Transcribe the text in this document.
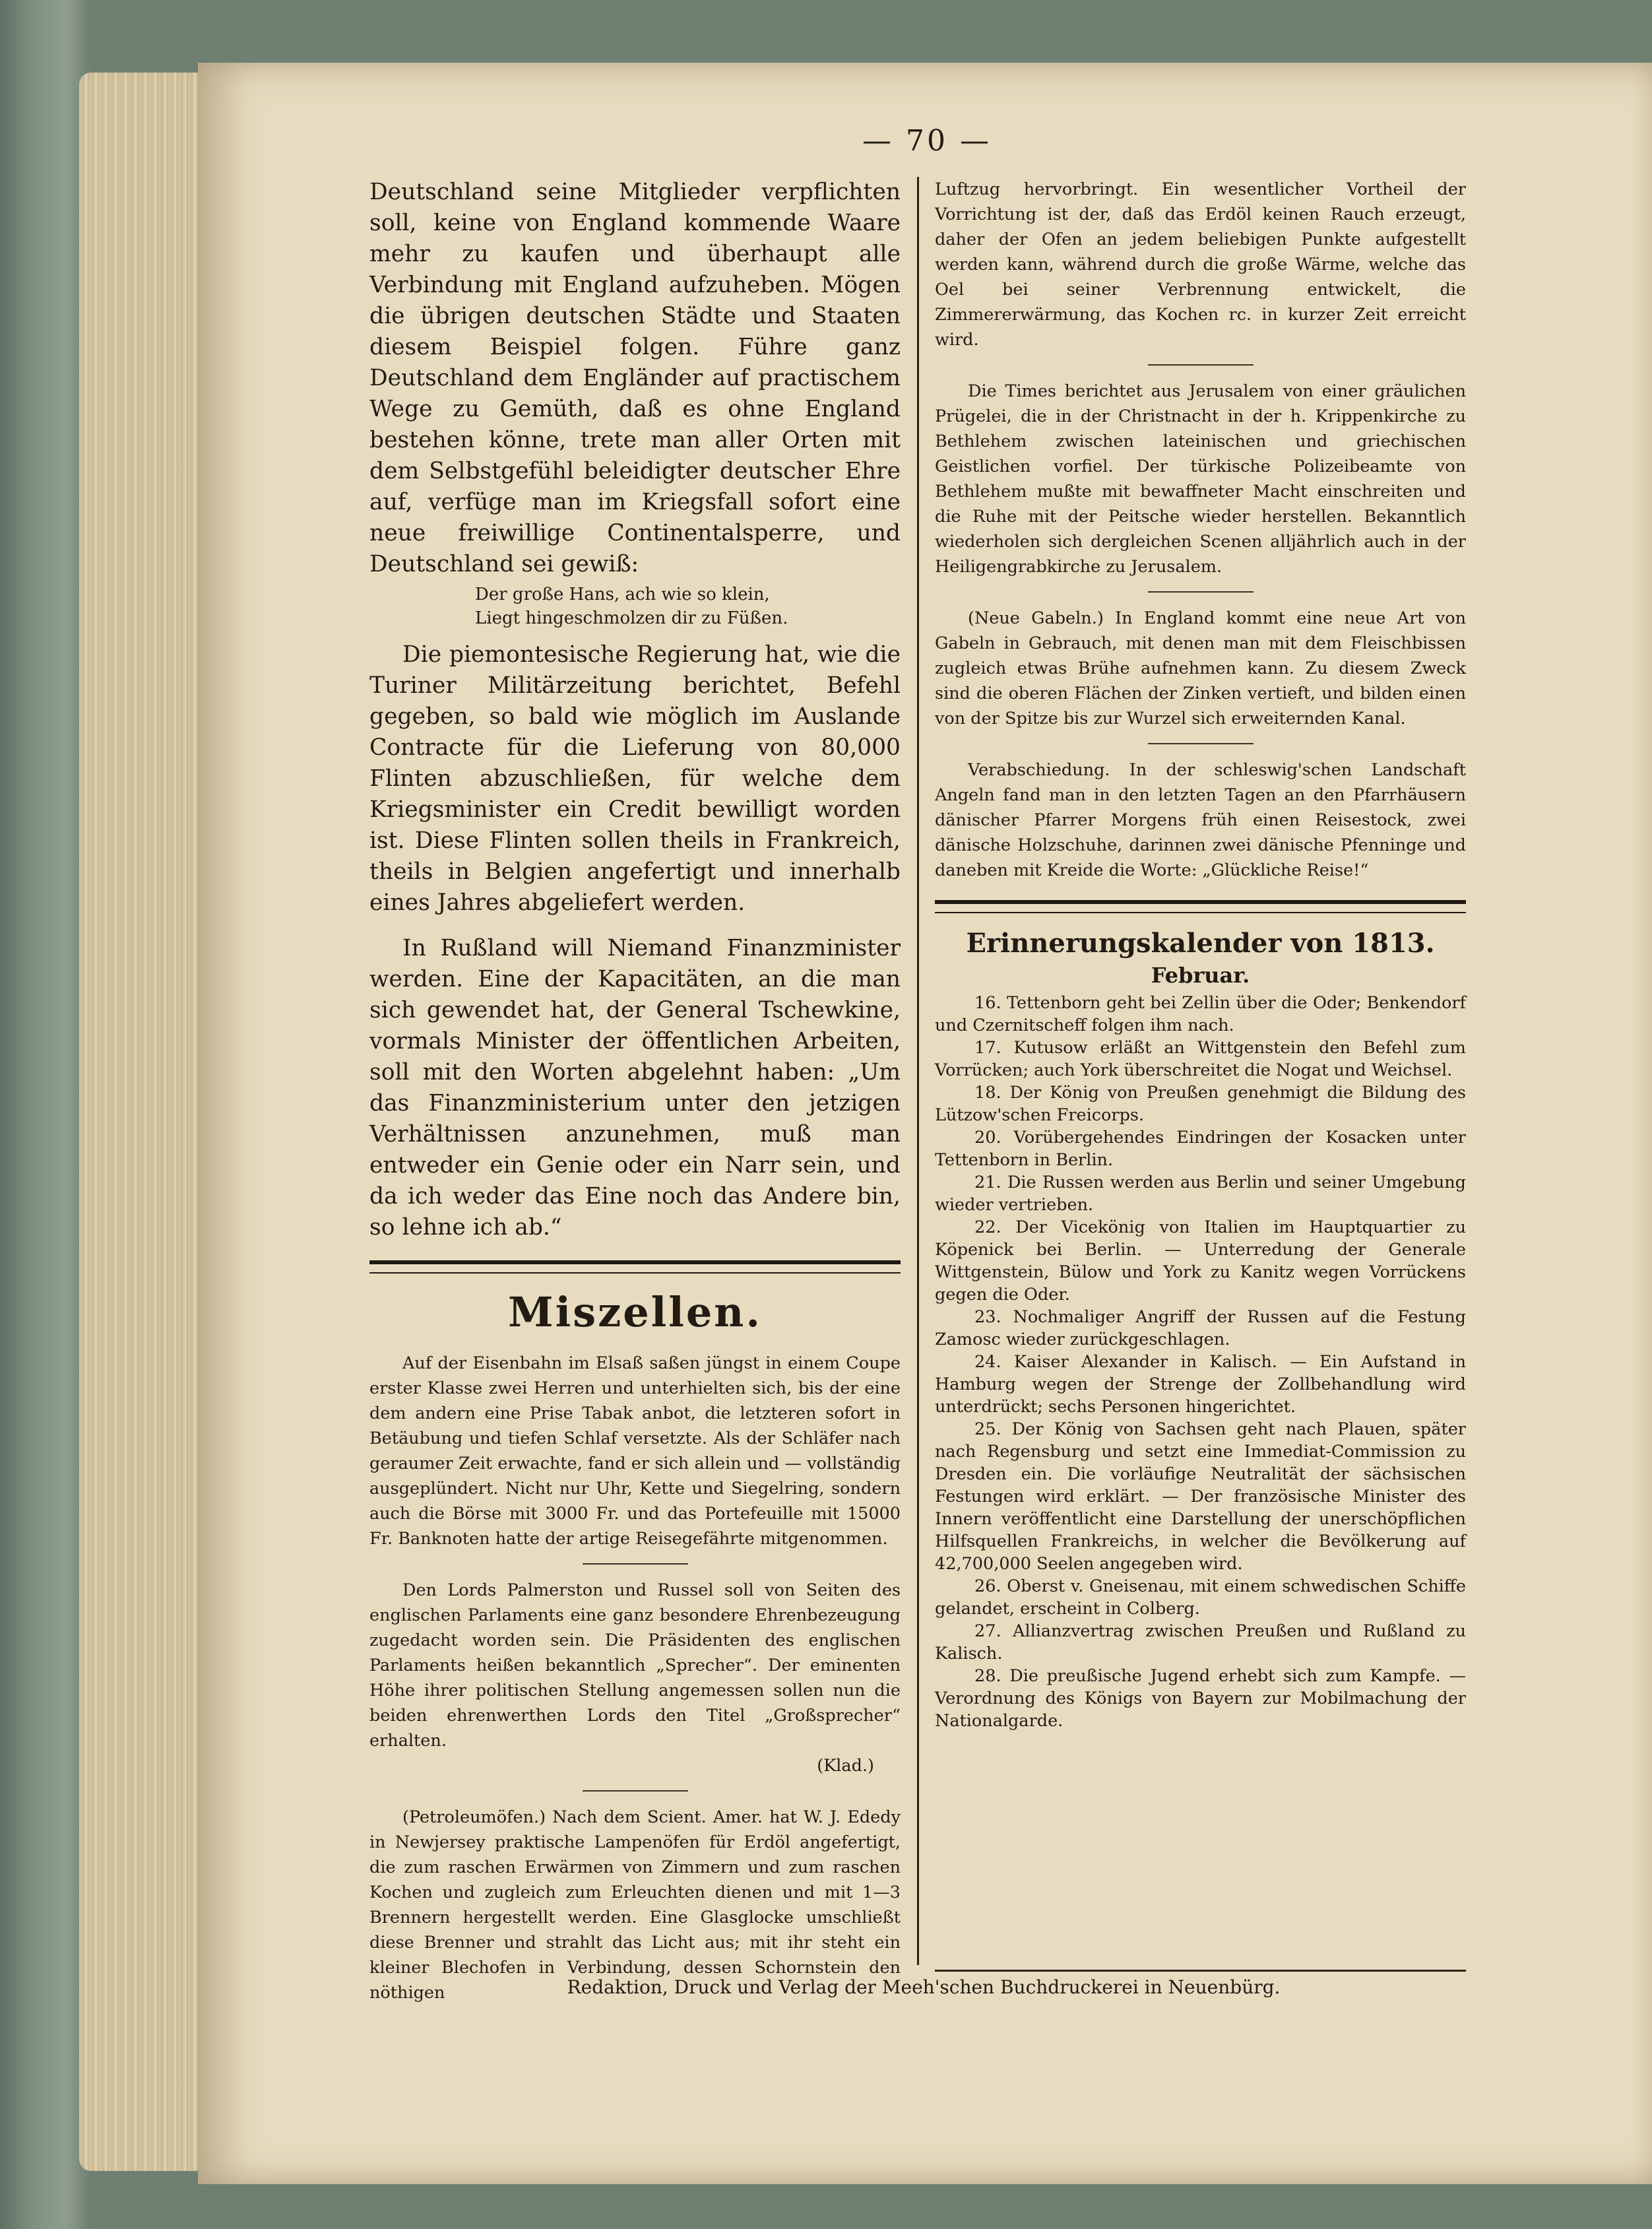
— 70 —

Deutschland seine Mitglieder verpflichten soll, keine von England kommende Waare mehr zu kaufen und überhaupt alle Verbindung mit England aufzuheben. Mögen die übrigen deutschen Städte und Staaten diesem Beispiel folgen. Führe ganz Deutschland dem Engländer auf practischem Wege zu Gemüth, daß es ohne England bestehen könne, trete man aller Orten mit dem Selbstgefühl beleidigter deutscher Ehre auf, verfüge man im Kriegsfall sofort eine neue freiwillige Continentalsperre, und Deutschland sei gewiß:

Der große Hans, ach wie so klein,
Liegt hingeschmolzen dir zu Füßen.

Die piemontesische Regierung hat, wie die Turiner Militärzeitung berichtet, Befehl gegeben, so bald wie möglich im Auslande Contracte für die Lieferung von 80,000 Flinten abzuschließen, für welche dem Kriegsminister ein Credit bewilligt worden ist. Diese Flinten sollen theils in Frankreich, theils in Belgien angefertigt und innerhalb eines Jahres abgeliefert werden.

In Rußland will Niemand Finanzminister werden. Eine der Kapacitäten, an die man sich gewendet hat, der General Tschewkine, vormals Minister der öffentlichen Arbeiten, soll mit den Worten abgelehnt haben: „Um das Finanzministerium unter den jetzigen Verhältnissen anzunehmen, muß man entweder ein Genie oder ein Narr sein, und da ich weder das Eine noch das Andere bin, so lehne ich ab.“

Miszellen.

Auf der Eisenbahn im Elsaß saßen jüngst in einem Coupe erster Klasse zwei Herren und unterhielten sich, bis der eine dem andern eine Prise Tabak anbot, die letzteren sofort in Betäubung und tiefen Schlaf versetzte. Als der Schläfer nach geraumer Zeit erwachte, fand er sich allein und — vollständig ausgeplündert. Nicht nur Uhr, Kette und Siegelring, sondern auch die Börse mit 3000 Fr. und das Portefeuille mit 15000 Fr. Banknoten hatte der artige Reisegefährte mitgenommen.

Den Lords Palmerston und Russel soll von Seiten des englischen Parlaments eine ganz besondere Ehrenbezeugung zugedacht worden sein. Die Präsidenten des englischen Parlaments heißen bekanntlich „Sprecher“. Der eminenten Höhe ihrer politischen Stellung angemessen sollen nun die beiden ehrenwerthen Lords den Titel „Großsprecher“ erhalten.

(Klad.)

(Petroleumöfen.) Nach dem Scient. Amer. hat W. J. Ededy in Newjersey praktische Lampenöfen für Erdöl angefertigt, die zum raschen Erwärmen von Zimmern und zum raschen Kochen und zugleich zum Erleuchten dienen und mit 1—3 Brennern hergestellt werden. Eine Glasglocke umschließt diese Brenner und strahlt das Licht aus; mit ihr steht ein kleiner Blechofen in Verbindung, dessen Schornstein den nöthigen

Luftzug hervorbringt. Ein wesentlicher Vortheil der Vorrichtung ist der, daß das Erdöl keinen Rauch erzeugt, daher der Ofen an jedem beliebigen Punkte aufgestellt werden kann, während durch die große Wärme, welche das Oel bei seiner Verbrennung entwickelt, die Zimmererwärmung, das Kochen rc. in kurzer Zeit erreicht wird.

Die Times berichtet aus Jerusalem von einer gräulichen Prügelei, die in der Christnacht in der h. Krippenkirche zu Bethlehem zwischen lateinischen und griechischen Geistlichen vorfiel. Der türkische Polizeibeamte von Bethlehem mußte mit bewaffneter Macht einschreiten und die Ruhe mit der Peitsche wieder herstellen. Bekanntlich wiederholen sich dergleichen Scenen alljährlich auch in der Heiligengrabkirche zu Jerusalem.

(Neue Gabeln.) In England kommt eine neue Art von Gabeln in Gebrauch, mit denen man mit dem Fleischbissen zugleich etwas Brühe aufnehmen kann. Zu diesem Zweck sind die oberen Flächen der Zinken vertieft, und bilden einen von der Spitze bis zur Wurzel sich erweiternden Kanal.

Verabschiedung. In der schleswig'schen Landschaft Angeln fand man in den letzten Tagen an den Pfarrhäusern dänischer Pfarrer Morgens früh einen Reisestock, zwei dänische Holzschuhe, darinnen zwei dänische Pfenninge und daneben mit Kreide die Worte: „Glückliche Reise!“

Erinnerungskalender von 1813.
Februar.

16. Tettenborn geht bei Zellin über die Oder; Benkendorf und Czernitscheff folgen ihm nach.

17. Kutusow erläßt an Wittgenstein den Befehl zum Vorrücken; auch York überschreitet die Nogat und Weichsel.

18. Der König von Preußen genehmigt die Bildung des Lützow'schen Freicorps.

20. Vorübergehendes Eindringen der Kosacken unter Tettenborn in Berlin.

21. Die Russen werden aus Berlin und seiner Umgebung wieder vertrieben.

22. Der Vicekönig von Italien im Hauptquartier zu Köpenick bei Berlin. — Unterredung der Generale Wittgenstein, Bülow und York zu Kanitz wegen Vorrückens gegen die Oder.

23. Nochmaliger Angriff der Russen auf die Festung Zamosc wieder zurückgeschlagen.

24. Kaiser Alexander in Kalisch. — Ein Aufstand in Hamburg wegen der Strenge der Zollbehandlung wird unterdrückt; sechs Personen hingerichtet.

25. Der König von Sachsen geht nach Plauen, später nach Regensburg und setzt eine Immediat-Commission zu Dresden ein. Die vorläufige Neutralität der sächsischen Festungen wird erklärt. — Der französische Minister des Innern veröffentlicht eine Darstellung der unerschöpflichen Hilfsquellen Frankreichs, in welcher die Bevölkerung auf 42,700,000 Seelen angegeben wird.

26. Oberst v. Gneisenau, mit einem schwedischen Schiffe gelandet, erscheint in Colberg.

27. Allianzvertrag zwischen Preußen und Rußland zu Kalisch.

28. Die preußische Jugend erhebt sich zum Kampfe. — Verordnung des Königs von Bayern zur Mobilmachung der Nationalgarde.

Redaktion, Druck und Verlag der Meeh'schen Buchdruckerei in Neuenbürg.
